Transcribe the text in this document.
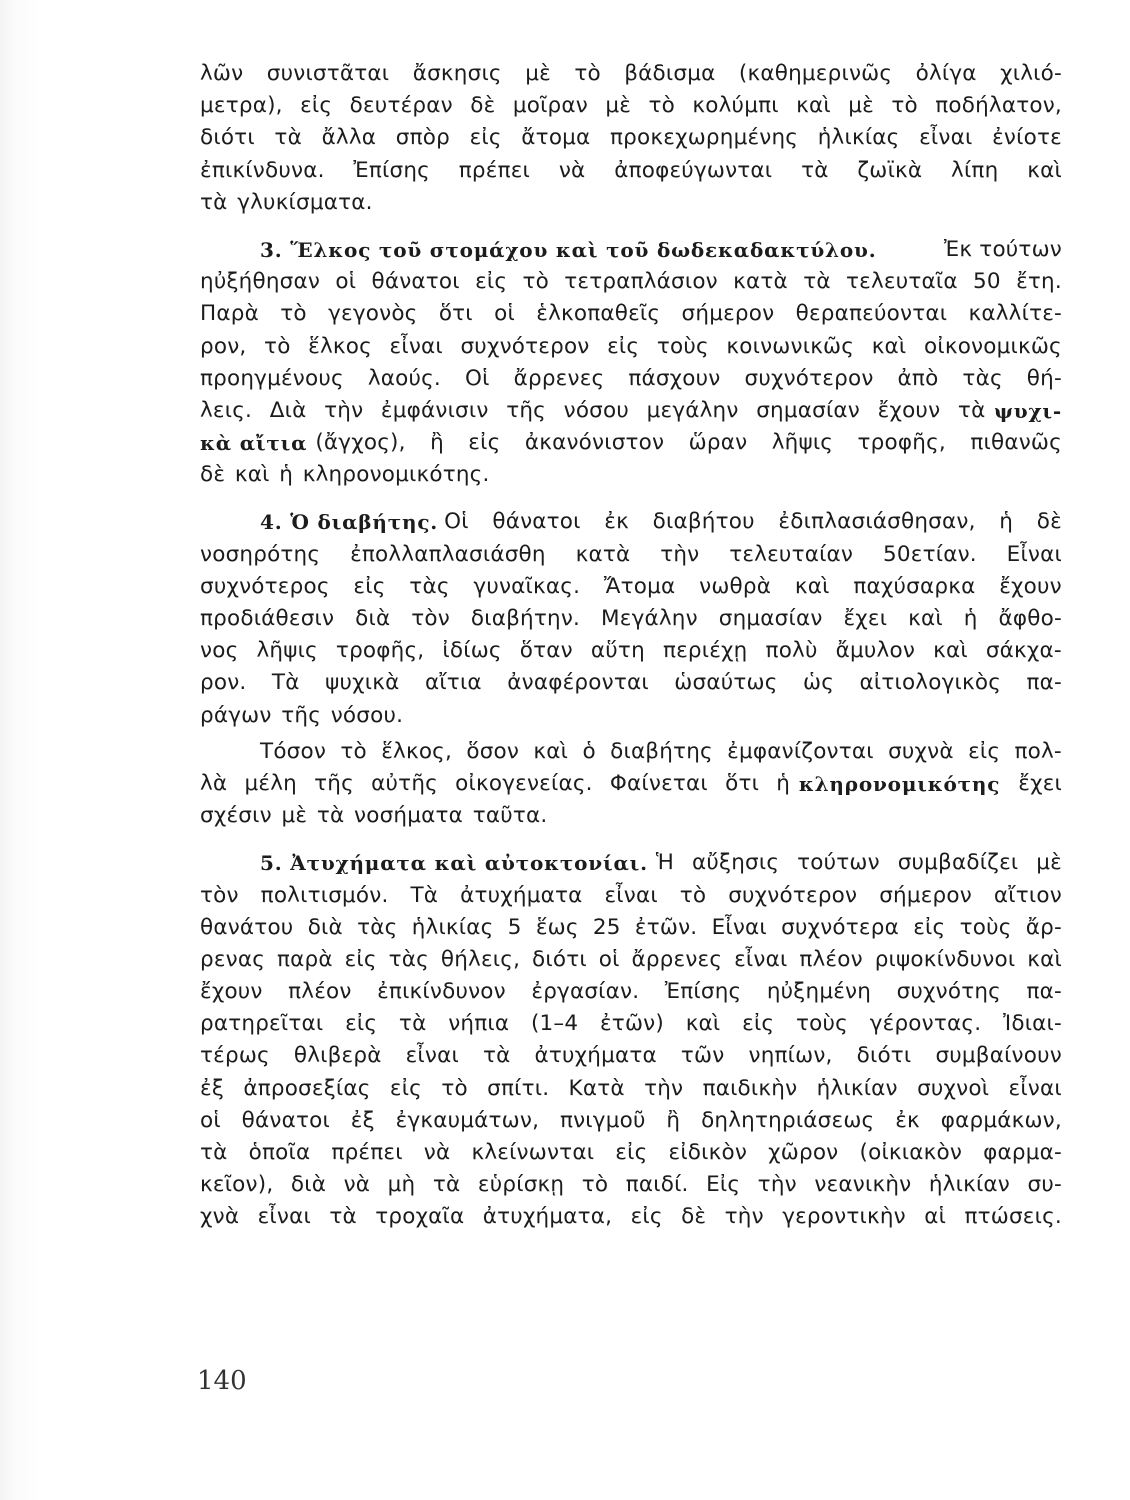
λῶν συνιστᾶται ἄσκησις μὲ τὸ βάδισμα (καθημερινῶς ὀλίγα χιλιό-
μετρα), εἰς δευτέραν δὲ μοῖραν μὲ τὸ κολύμπι καὶ μὲ τὸ ποδήλατον,
διότι τὰ ἄλλα σπὸρ εἰς ἄτομα προκεχωρημένης ἡλικίας εἶναι ἐνίοτε
ἐπικίνδυνα. Ἐπίσης πρέπει νὰ ἀποφεύγωνται τὰ ζωϊκὰ λίπη καὶ
τὰ γλυκίσματα.
3. Ἕλκος τοῦ στομάχου καὶ τοῦ δωδεκαδακτύλου.	Ἐκ τούτων
ηὐξήθησαν οἱ θάνατοι εἰς τὸ τετραπλάσιον κατὰ τὰ τελευταῖα 50 ἔτη.
Παρὰ τὸ γεγονὸς ὅτι οἱ ἑλκοπαθεῖς σήμερον θεραπεύονται καλλίτε-
ρον, τὸ ἕλκος εἶναι συχνότερον εἰς τοὺς κοινωνικῶς καὶ οἰκονομικῶς
προηγμένους λαούς. Οἱ ἄρρενες πάσχουν συχνότερον ἀπὸ τὰς θή-
λεις. Διὰ τὴν ἐμφάνισιν τῆς νόσου μεγάλην σημασίαν ἔχουν τὰ ψυχι-
κὰ αἴτια (ἄγχος), ἢ εἰς ἀκανόνιστον ὥραν λῆψις τροφῆς, πιθανῶς
δὲ καὶ ἡ κληρονομικότης.
4. Ὁ διαβήτης. Οἱ θάνατοι ἐκ διαβήτου ἐδιπλασιάσθησαν, ἡ δὲ
νοσηρότης ἐπολλαπλασιάσθη κατὰ τὴν τελευταίαν 50ετίαν. Εἶναι
συχνότερος εἰς τὰς γυναῖκας. Ἄτομα νωθρὰ καὶ παχύσαρκα ἔχουν
προδιάθεσιν διὰ τὸν διαβήτην. Μεγάλην σημασίαν ἔχει καὶ ἡ ἄφθο-
νος λῆψις τροφῆς, ἰδίως ὅταν αὕτη περιέχῃ πολὺ ἄμυλον καὶ σάκχα-
ρον. Τὰ ψυχικὰ αἴτια ἀναφέρονται ὡσαύτως ὡς αἰτιολογικὸς πα-
ράγων τῆς νόσου.
Τόσον τὸ ἕλκος, ὅσον καὶ ὁ διαβήτης ἐμφανίζονται συχνὰ εἰς πολ-
λὰ μέλη τῆς αὐτῆς οἰκογενείας. Φαίνεται ὅτι ἡ κληρονομικότης ἔχει
σχέσιν μὲ τὰ νοσήματα ταῦτα.
5. Ἀτυχήματα καὶ αὐτοκτονίαι. Ἡ αὔξησις τούτων συμβαδίζει μὲ
τὸν πολιτισμόν. Τὰ ἀτυχήματα εἶναι τὸ συχνότερον σήμερον αἴτιον
θανάτου διὰ τὰς ἡλικίας 5 ἕως 25 ἐτῶν. Εἶναι συχνότερα εἰς τοὺς ἄρ-
ρενας παρὰ εἰς τὰς θήλεις, διότι οἱ ἄρρενες εἶναι πλέον ριψοκίνδυνοι καὶ
ἔχουν πλέον ἐπικίνδυνον ἐργασίαν. Ἐπίσης ηὐξημένη συχνότης πα-
ρατηρεῖται εἰς τὰ νήπια (1–4 ἐτῶν) καὶ εἰς τοὺς γέροντας. Ἰδιαι-
τέρως θλιβερὰ εἶναι τὰ ἀτυχήματα τῶν νηπίων, διότι συμβαίνουν
ἐξ ἀπροσεξίας εἰς τὸ σπίτι. Κατὰ τὴν παιδικὴν ἡλικίαν συχνοὶ εἶναι
οἱ θάνατοι ἐξ ἐγκαυμάτων, πνιγμοῦ ἢ δηλητηριάσεως ἐκ φαρμάκων,
τὰ ὁποῖα πρέπει νὰ κλείνωνται εἰς εἰδικὸν χῶρον (οἰκιακὸν φαρμα-
κεῖον), διὰ νὰ μὴ τὰ εὑρίσκῃ τὸ παιδί. Εἰς τὴν νεανικὴν ἡλικίαν συ-
χνὰ εἶναι τὰ τροχαῖα ἀτυχήματα, εἰς δὲ τὴν γεροντικὴν αἱ πτώσεις.
140
